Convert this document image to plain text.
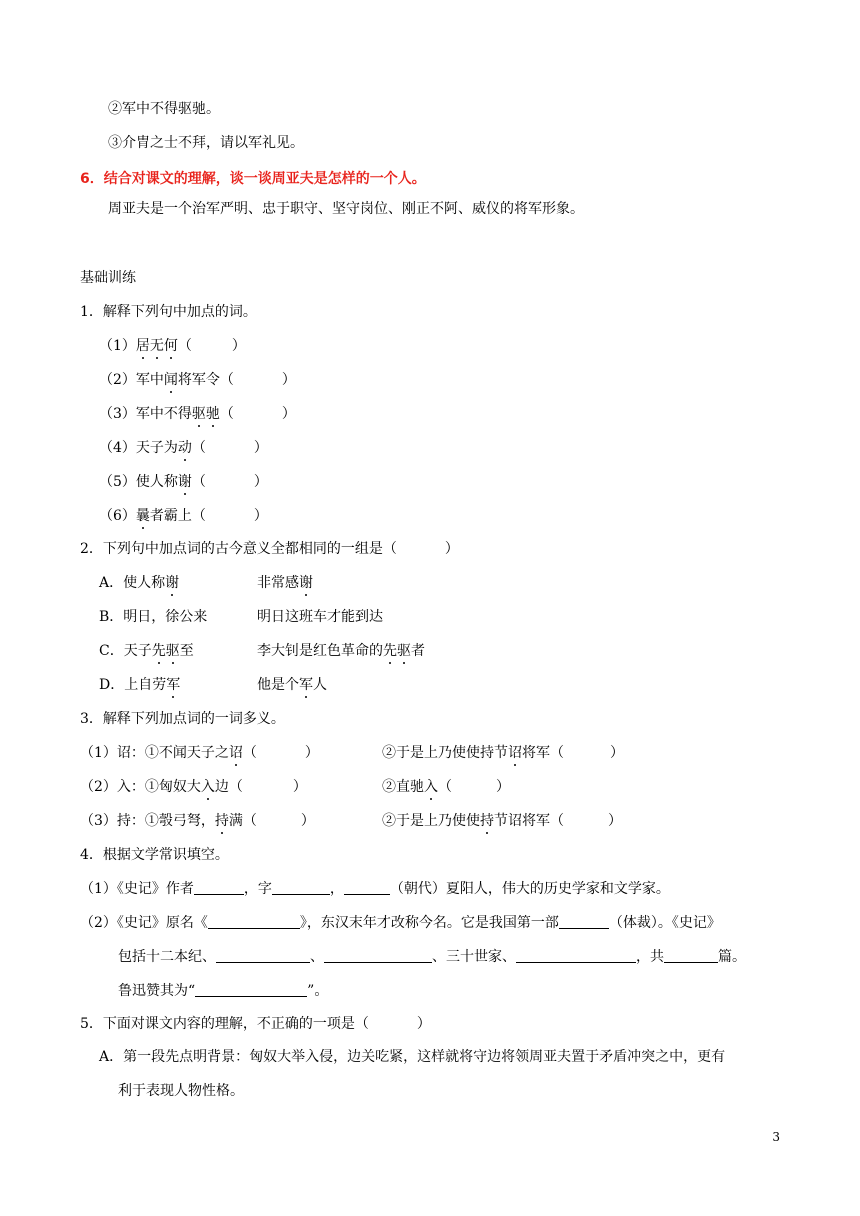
②军中不得驱驰。
③介胄之士不拜，请以军礼见。
6．结合对课文的理解，谈一谈周亚夫是怎样的一个人。
周亚夫是一个治军严明、忠于职守、坚守岗位、刚正不阿、威仪的将军形象。
基础训练
1．解释下列句中加点的词。
（1）居无何（	）
（2）军中闻将军令（	）
（3）军中不得驱驰（	）
（4）天子为动（	）
（5）使人称谢（	）
（6）曩者霸上（	）
2．下列句中加点词的古今意义全都相同的一组是（	）
A．使人称谢	非常感谢
B．明日，徐公来	明日这班车才能到达
C．天子先驱至	李大钊是红色革命的先驱者
D．上自劳军	他是个军人
3．解释下列加点词的一词多义。
（1）诏：①不闻天子之诏（	）	②于是上乃使使持节诏将军（	）
（2）入：①匈奴大入边（	）	②直驰入（	）
（3）持：①彀弓弩，持满（	）	②于是上乃使使持节诏将军（	）
4．根据文学常识填空。
（1）《史记》作者	，字	，	（朝代）夏阳人，伟大的历史学家和文学家。
（2）《史记》原名《	》，东汉末年才改称今名。它是我国第一部	（体裁）。《史记》
包括十二本纪、	、	、三十世家、	，共	篇。
鲁迅赞其为“	”。
5．下面对课文内容的理解，不正确的一项是（	）
A．第一段先点明背景：匈奴大举入侵，边关吃紧，这样就将守边将领周亚夫置于矛盾冲突之中，更有
利于表现人物性格。
3
